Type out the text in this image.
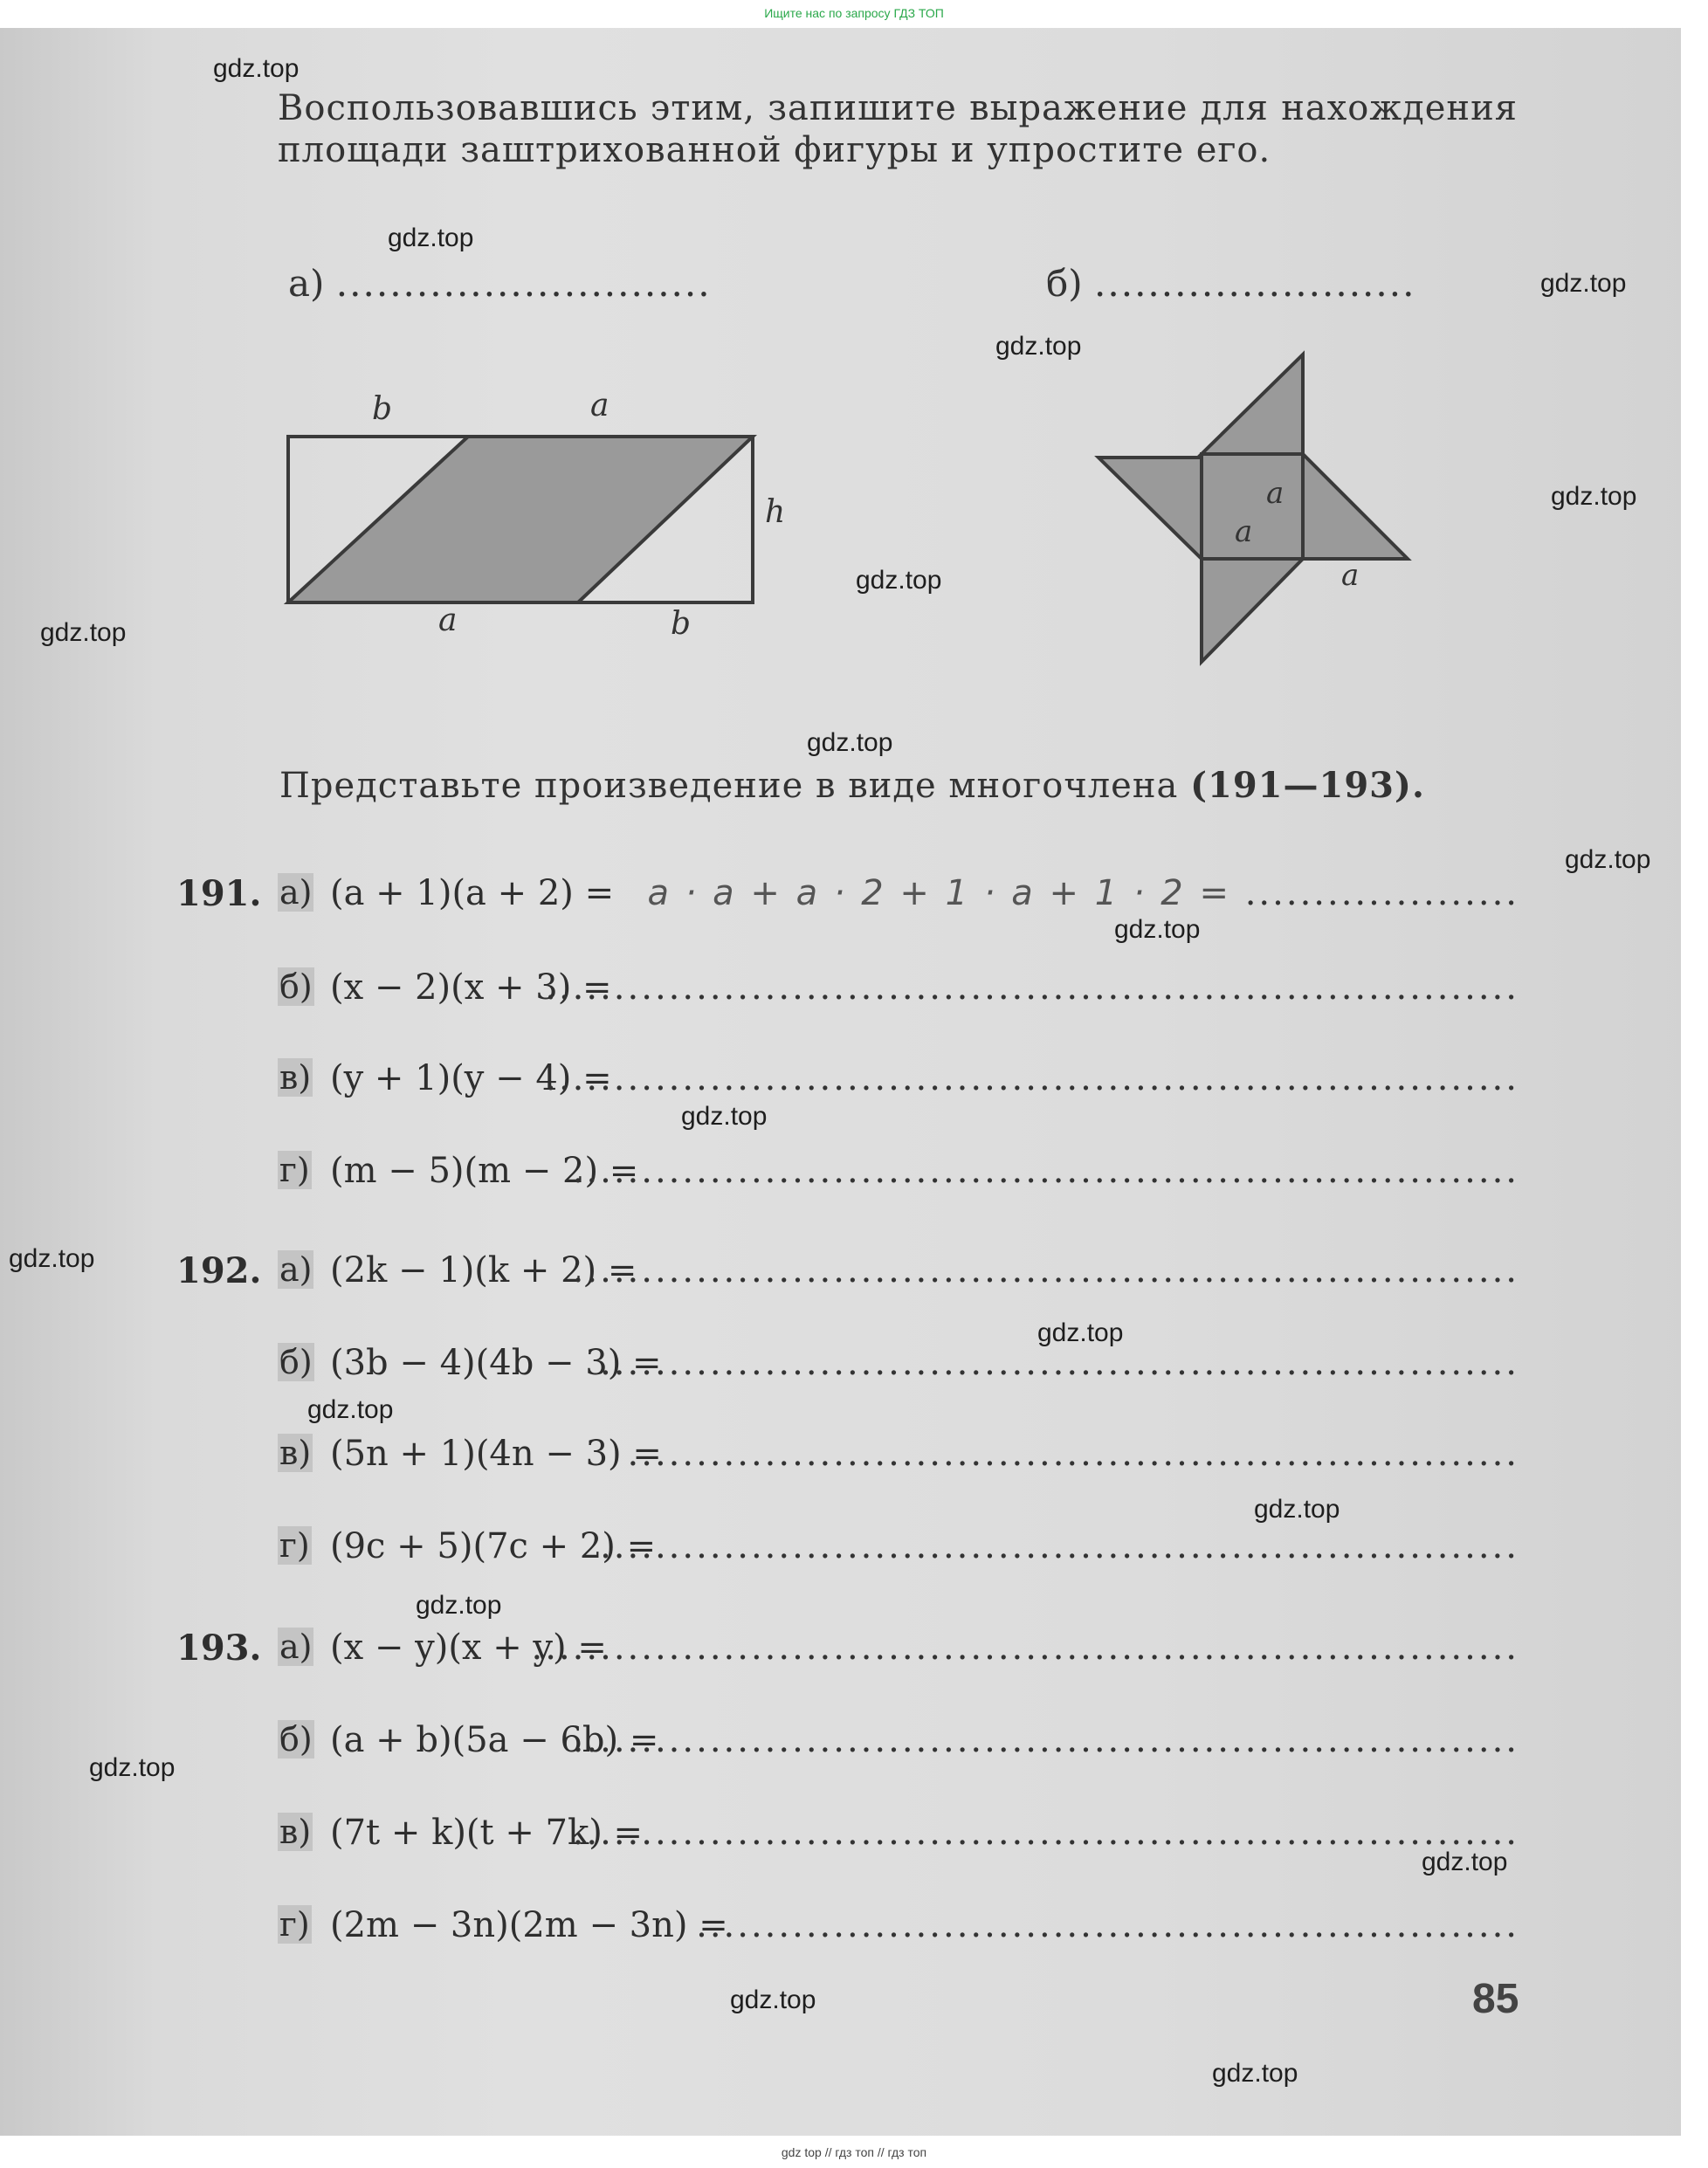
Ищите нас по запросу ГДЗ ТОП
Воспользовавшись этим, запишите выражение для нахождения площади заштрихованной фигуры и упростите его.
а) ............................	б) ........................
b	a
h
a	b
a
a
a
Представьте произведение в виде многочлена (191—193).
191. а) (a + 1)(a + 2) = a · a + a · 2 + 1 · a + 1 · 2 = ....................
б) (x − 2)(x + 3) =
.......................................................................
в) (y + 1)(y − 4) =
.......................................................................
г) (m − 5)(m − 2) =
.....................................................................
192. а) (2k − 1)(k + 2) =
.....................................................................
б) (3b − 4)(4b − 3) =
...................................................................
в) (5n + 1)(4n − 3) =
.................................................................
г) (9c + 5)(7c + 2) =
...................................................................
193. а) (x − y)(x + y) =
........................................................................
б) (a + b)(5a − 6b) =
.....................................................................
в) (7t + k)(t + 7k) =
.....................................................................
г) (2m − 3n)(2m − 3n) =
............................................................
85
gdz.top
gdz.top
gdz.top
gdz.top
gdz.top
gdz.top
gdz.top
gdz.top
gdz.top
gdz.top
gdz.top
gdz.top
gdz.top
gdz.top
gdz.top
gdz.top
gdz.top
gdz.top
gdz.top
gdz.top
gdz top // гдз топ // гдз топ
